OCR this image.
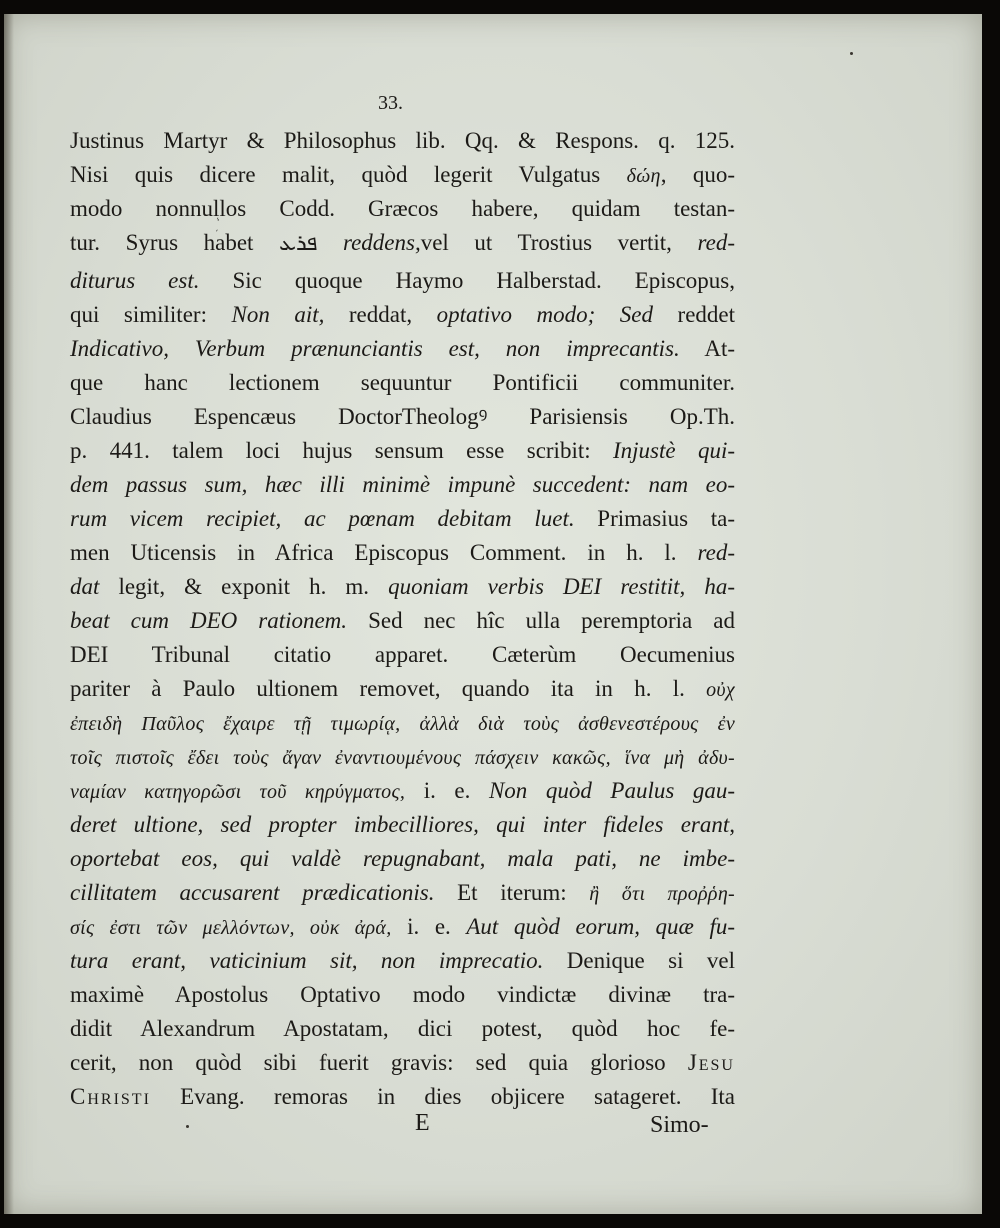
33.
ܼ ܵ
Justinus Martyr & Philosophus lib. Qq. & Respons. q. 125.
Nisi quis dicere malit, quòd legerit Vulgatus δώη, quo-
modo nonnullos Codd. Græcos habere, quidam testan-
tur. Syrus habet ܦܪܥ reddens,vel ut Trostius vertit, red-
diturus est. Sic quoque Haymo Halberstad. Episcopus,
qui similiter: Non ait, reddat, optativo modo; Sed reddet
Indicativo, Verbum prænunciantis est, non imprecantis. At-
que hanc lectionem sequuntur Pontificii communiter.
Claudius Espencæus DoctorTheologꝰ Parisiensis Op.Th.
p. 441. talem loci hujus sensum esse scribit: Injustè qui-
dem passus sum, hæc illi minimè impunè succedent: nam eo-
rum vicem recipiet, ac pœnam debitam luet. Primasius ta-
men Uticensis in Africa Episcopus Comment. in h. l. red-
dat legit, & exponit h. m. quoniam verbis DEI restitit, ha-
beat cum DEO rationem. Sed nec hîc ulla peremptoria ad
DEI Tribunal citatio apparet. Cæterùm Oecumenius
pariter à Paulo ultionem removet, quando ita in h. l. οὐχ
ἐπειδὴ Παῦλος ἔχαιρε τῇ τιμωρίᾳ, ἀλλὰ διὰ τοὺς ἀσθενεστέρους ἐν
τοῖς πιστοῖς ἔδει τοὺς ἄγαν ἐναντιουμένους πάσχειν κακῶς, ἵνα μὴ ἀδυ-
ναμίαν κατηγορῶσι τοῦ κηρύγματος, i. e. Non quòd Paulus gau-
deret ultione, sed propter imbecilliores, qui inter fideles erant,
oportebat eos, qui valdè repugnabant, mala pati, ne imbe-
cillitatem accusarent prædicationis. Et iterum: ἢ ὅτι προῤῥη-
σίς ἐστι τῶν μελλόντων, οὐκ ἀρά, i. e. Aut quòd eorum, quæ fu-
tura erant, vaticinium sit, non imprecatio. Denique si vel
maximè Apostolus Optativo modo vindictæ divinæ tra-
didit Alexandrum Apostatam, dici potest, quòd hoc fe-
cerit, non quòd sibi fuerit gravis: sed quia glorioso Jesu
Christi Evang. remoras in dies objicere satageret. Ita
E	Simo-
